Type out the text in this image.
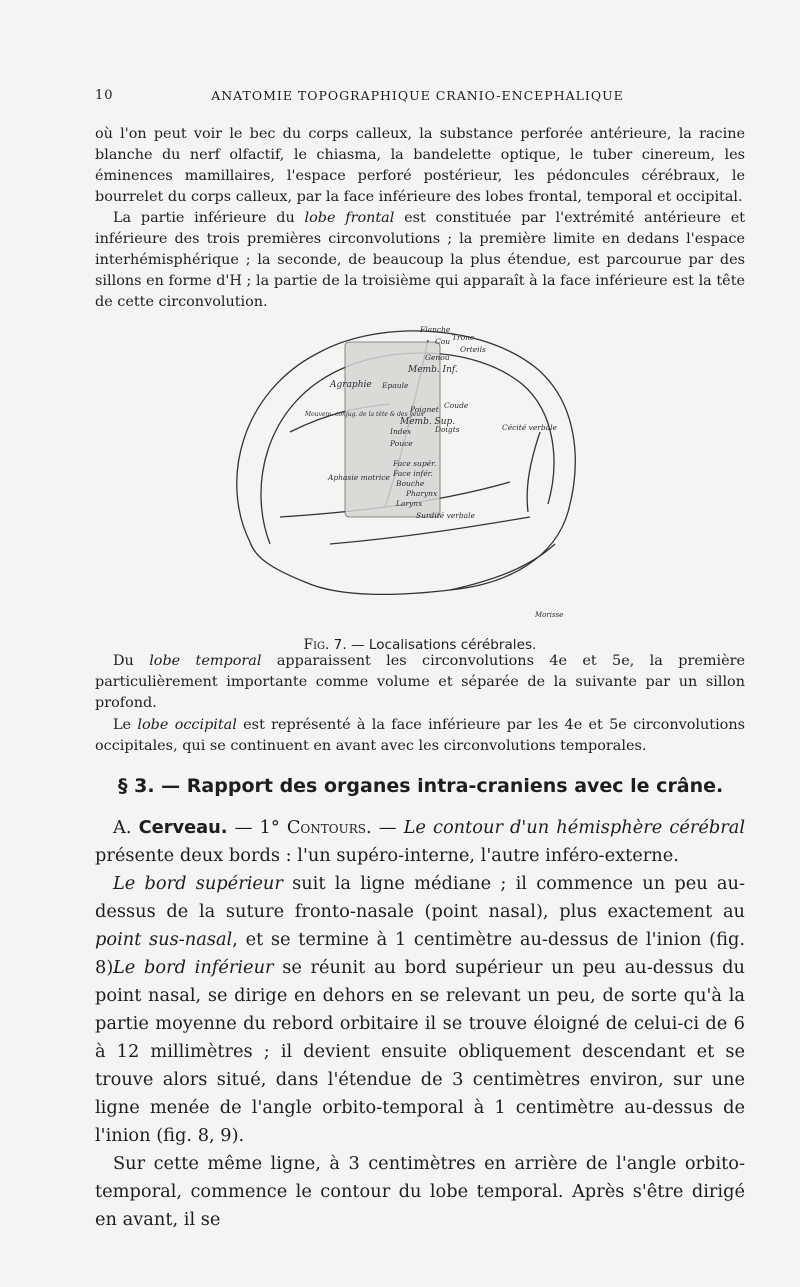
10	ANATOMIE TOPOGRAPHIQUE CRANIO-ENCEPHALIQUE

où l'on peut voir le bec du corps calleux, la substance perforée antérieure, la racine blanche du nerf olfactif, le chiasma, la bandelette optique, le tuber cinereum, les éminences mamillaires, l'espace perforé postérieur, les pédoncules cérébraux, le bourrelet du corps calleux, par la face inférieure des lobes frontal, temporal et occipital.

La partie inférieure du lobe frontal est constituée par l'extrémité antérieure et inférieure des trois premières circonvolutions ; la première limite en dedans l'espace interhémisphérique ; la seconde, de beaucoup la plus étendue, est parcourue par des sillons en forme d'H ; la partie de la troisième qui apparaît à la face inférieure est la tête de cette circonvolution.

Flanche
Cou Tronc
Orteils
Genou
Memb. Inf.
Agraphie Epaule
Coude
Mouvem. conjug. de la tête & des yeux
Poignet
Memb. Sup.
Index
Pouce
Doigts	Cécité verbale
Aphasie motrice
Face supér.
Face infér.
Bouche
Pharynx
Larynx
Surdité verbale
Morisse
Fig. 7. — Localisations cérébrales.

Du lobe temporal apparaissent les circonvolutions 4e et 5e, la première particulièrement importante comme volume et séparée de la suivante par un sillon profond.

Le lobe occipital est représenté à la face inférieure par les 4e et 5e circonvolutions occipitales, qui se continuent en avant avec les circonvolutions temporales.

§ 3. — Rapport des organes intra-craniens avec le crâne.

A. Cerveau. — 1° Contours. — Le contour d'un hémisphère cérébral présente deux bords : l'un supéro-interne, l'autre inféro-externe.

Le bord supérieur suit la ligne médiane ; il commence un peu au-dessus de la suture fronto-nasale (point nasal), plus exactement au point sus-nasal, et se termine à 1 centimètre au-dessus de l'inion (fig. 8).

Le bord inférieur se réunit au bord supérieur un peu au-dessus du point nasal, se dirige en dehors en se relevant un peu, de sorte qu'à la partie moyenne du rebord orbitaire il se trouve éloigné de celui-ci de 6 à 12 millimètres ; il devient ensuite obliquement descendant et se trouve alors situé, dans l'étendue de 3 centimètres environ, sur une ligne menée de l'angle orbito-temporal à 1 centimètre au-dessus de l'inion (fig. 8, 9).

Sur cette même ligne, à 3 centimètres en arrière de l'angle orbito-temporal, commence le contour du lobe temporal. Après s'être dirigé en avant, il se
